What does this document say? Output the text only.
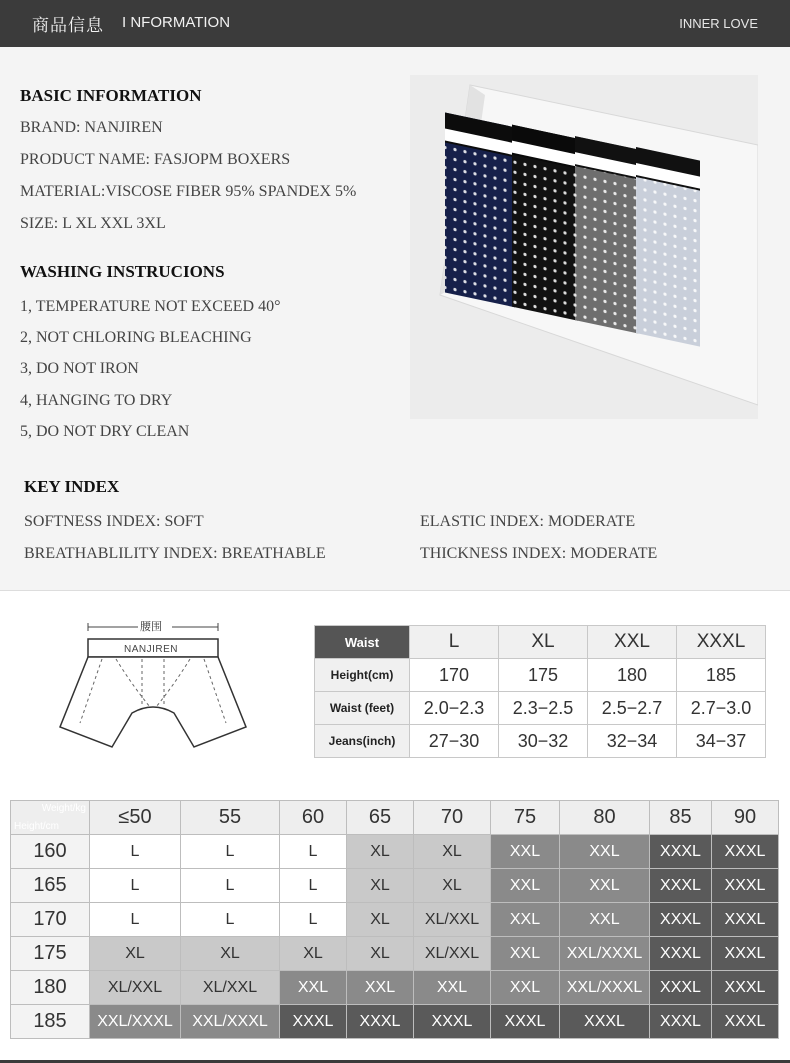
商品信息 I NFORMATION	INNER LOVE
BASIC INFORMATION
BRAND: NANJIREN
PRODUCT NAME: FASJOPM BOXERS
MATERIAL:VISCOSE FIBER 95% SPANDEX 5%
SIZE: L XL XXL 3XL
WASHING INSTRUCIONS
1, TEMPERATURE NOT EXCEED 40°
2, NOT CHLORING BLEACHING
3, DO NOT IRON
4, HANGING TO DRY
5, DO NOT DRY CLEAN
KEY INDEX
SOFTNESS INDEX: SOFT	ELASTIC INDEX: MODERATE
BREATHABLILITY INDEX: BREATHABLE	THICKNESS INDEX: MODERATE
腰围
NANJIREN	Waist	L	XL	XXL	XXXL
Height(cm)	170	175	180	185
Waist (feet)	2.0−2.3	2.3−2.5	2.5−2.7	2.7−3.0
Jeans(inch)	27−30	30−32	32−34	34−37
Weight/kg
Height/cm	≤50	55	60	65	70	75	80	85	90
160	L	L	L	XL	XL	XXL	XXL	XXXL	XXXL
165	L	L	L	XL	XL	XXL	XXL	XXXL	XXXL
170	L	L	L	XL	XL/XXL	XXL	XXL	XXXL	XXXL
175	XL	XL	XL	XL	XL/XXL	XXL	XXL/XXXL	XXXL	XXXL
180	XL/XXL	XL/XXL	XXL	XXL	XXL	XXL	XXL/XXXL	XXXL	XXXL
185	XXL/XXXL	XXL/XXXL	XXXL	XXXL	XXXL	XXXL	XXXL	XXXL	XXXL
